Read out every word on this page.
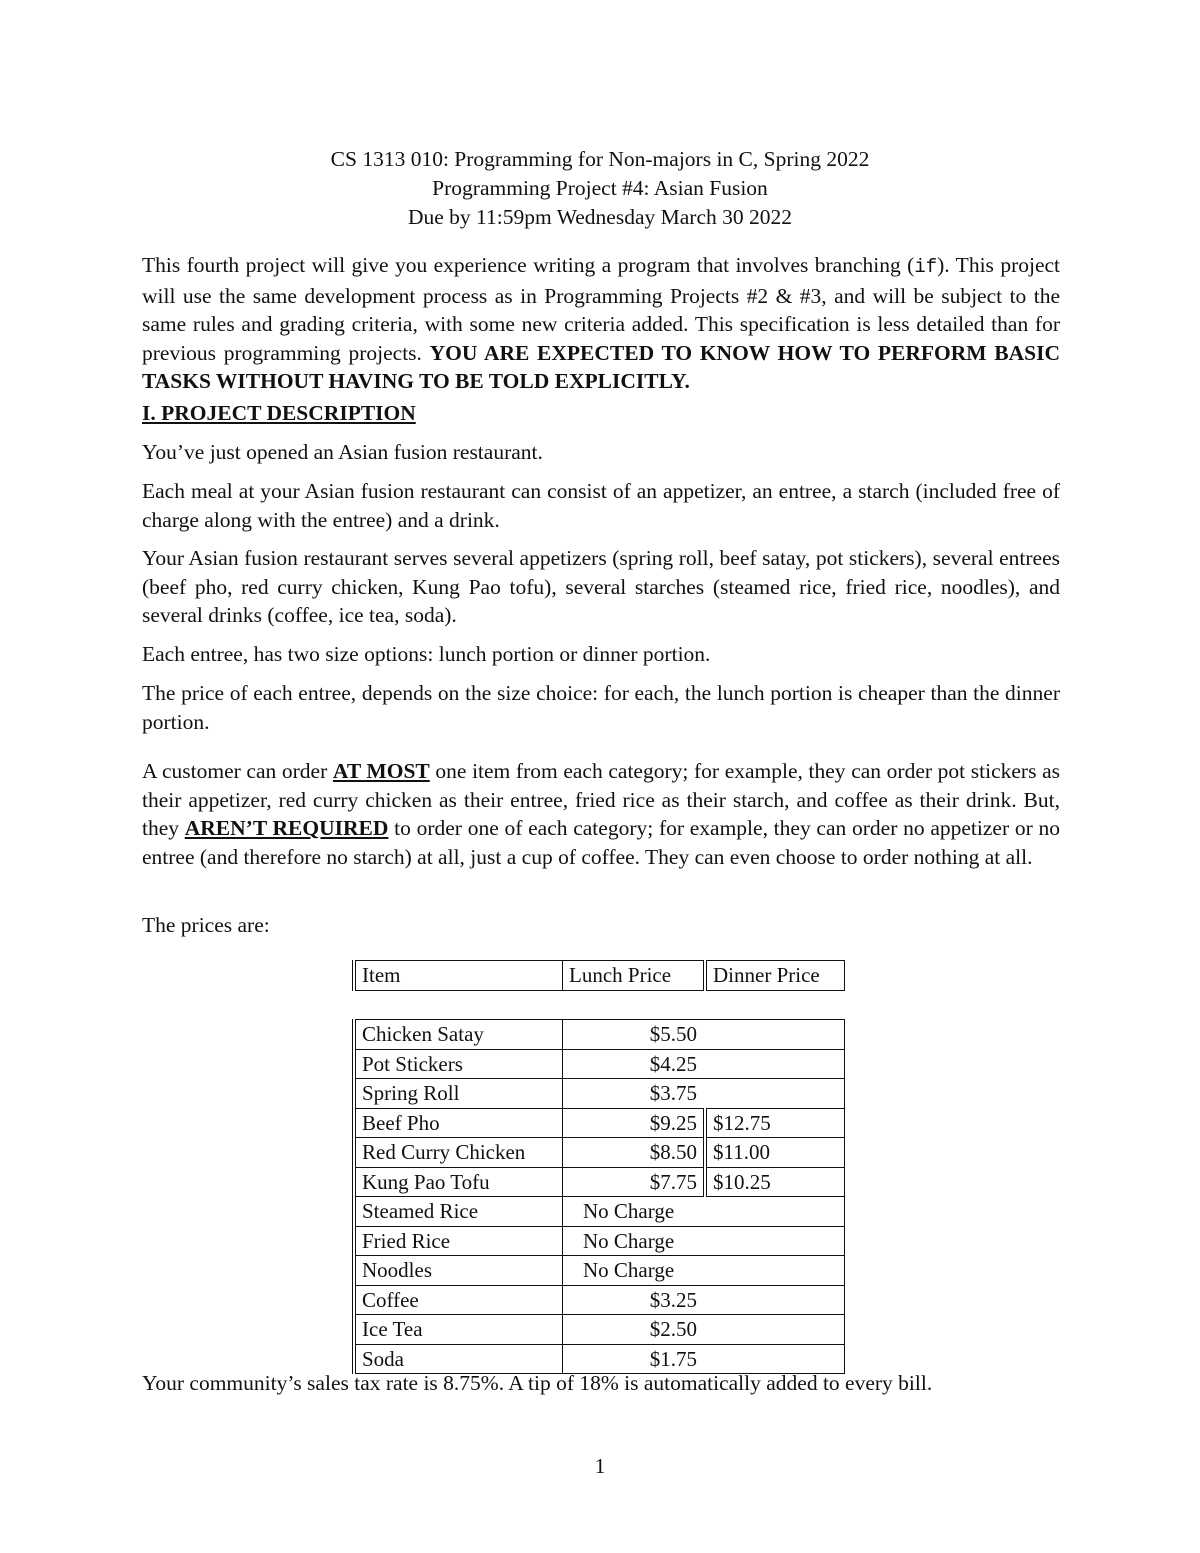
CS 1313 010: Programming for Non-majors in C, Spring 2022
Programming Project #4: Asian Fusion
Due by 11:59pm Wednesday March 30 2022

This fourth project will give you experience writing a program that involves branching (if). This project will use the same development process as in Programming Projects #2 & #3, and will be subject to the same rules and grading criteria, with some new criteria added. This specification is less detailed than for previous programming projects. YOU ARE EXPECTED TO KNOW HOW TO PERFORM BASIC TASKS WITHOUT HAVING TO BE TOLD EXPLICITLY.

I. PROJECT DESCRIPTION

You’ve just opened an Asian fusion restaurant.

Each meal at your Asian fusion restaurant can consist of an appetizer, an entree, a starch (included free of charge along with the entree) and a drink.

Your Asian fusion restaurant serves several appetizers (spring roll, beef satay, pot stickers), several entrees (beef pho, red curry chicken, Kung Pao tofu), several starches (steamed rice, fried rice, noodles), and several drinks (coffee, ice tea, soda).

Each entree, has two size options: lunch portion or dinner portion.

The price of each entree, depends on the size choice: for each, the lunch portion is cheaper than the dinner portion.

A customer can order AT MOST one item from each category; for example, they can order pot stickers as their appetizer, red curry chicken as their entree, fried rice as their starch, and coffee as their drink. But, they AREN’T REQUIRED to order one of each category; for example, they can order no appetizer or no entree (and therefore no starch) at all, just a cup of coffee. They can even choose to order nothing at all.

The prices are:

Item	Lunch Price	Dinner Price

Chicken Satay	$5.50	
Pot Stickers	$4.25	
Spring Roll	$3.75	
Beef Pho	$9.25	$12.75
Red Curry Chicken	$8.50	$11.00
Kung Pao Tofu	$7.75	$10.25
Steamed Rice	No Charge	
Fried Rice	No Charge	
Noodles	No Charge	
Coffee	$3.25	
Ice Tea	$2.50	
Soda	$1.75	

Your community’s sales tax rate is 8.75%. A tip of 18% is automatically added to every bill.

1
